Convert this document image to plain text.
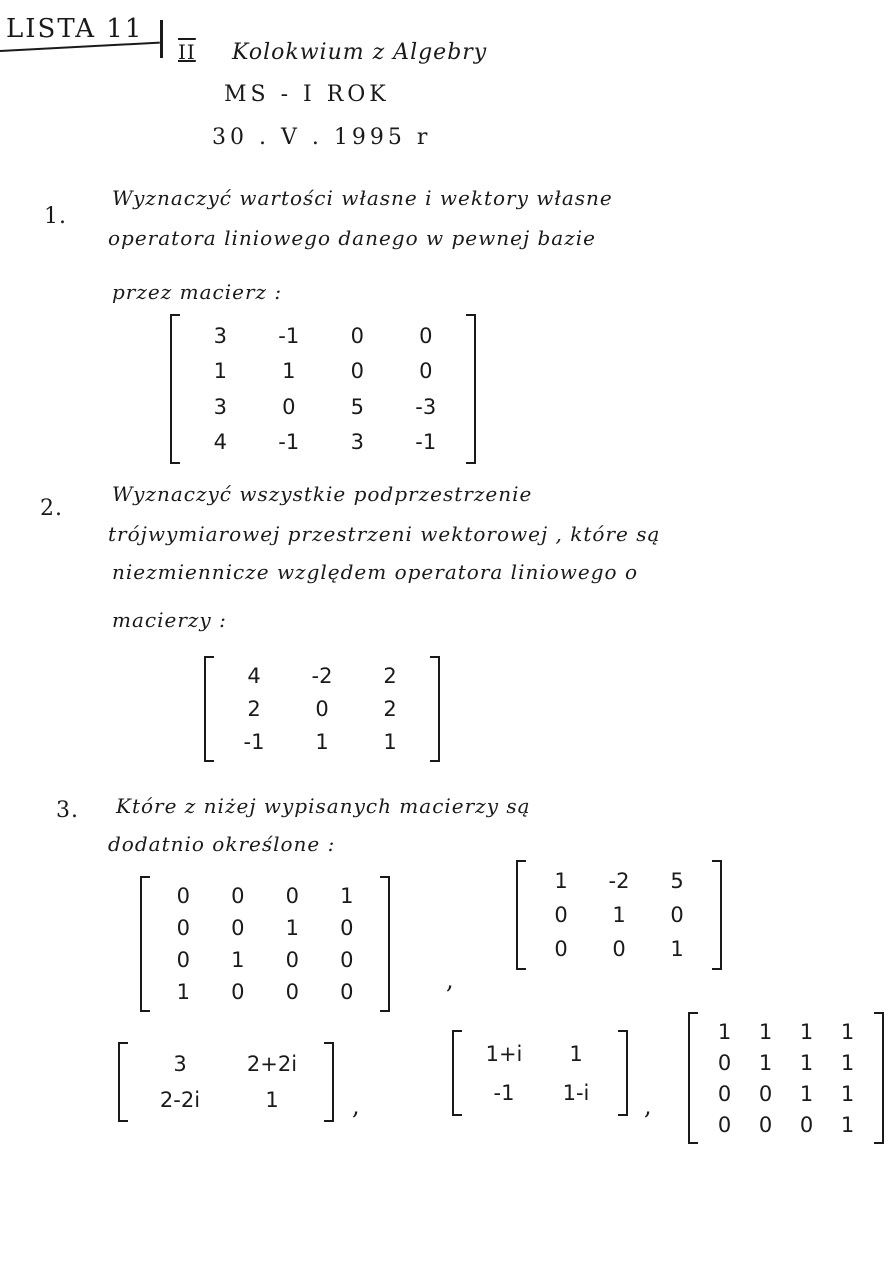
LISTA 11
II Kolokwium z Algebry
MS - I ROK
30 . V . 1995 r
1.
Wyznaczyć wartości własne i wektory własne
operatora liniowego danego w pewnej bazie
przez macierz :
3	-1	0	0
1	1	0	0
3	0	5	-3
4	-1	3	-1
2.
Wyznaczyć wszystkie podprzestrzenie
trójwymiarowej przestrzeni wektorowej , które są
niezmiennicze względem operatora liniowego o
macierzy :
4	-2	2
2	0	2
-1	1	1
3. Które z niżej wypisanych macierzy są
dodatnio określone :
0	0	0	1
0	0	1	0
0	1	0	0
1	0	0	0	,
1	-2	5
0	1	0
0	0	1
3	2+2i
2-2i	1	,
1+i	1
-1	1-i	,
1	1	1	1
0	1	1	1
0	0	1	1
0	0	0	1
